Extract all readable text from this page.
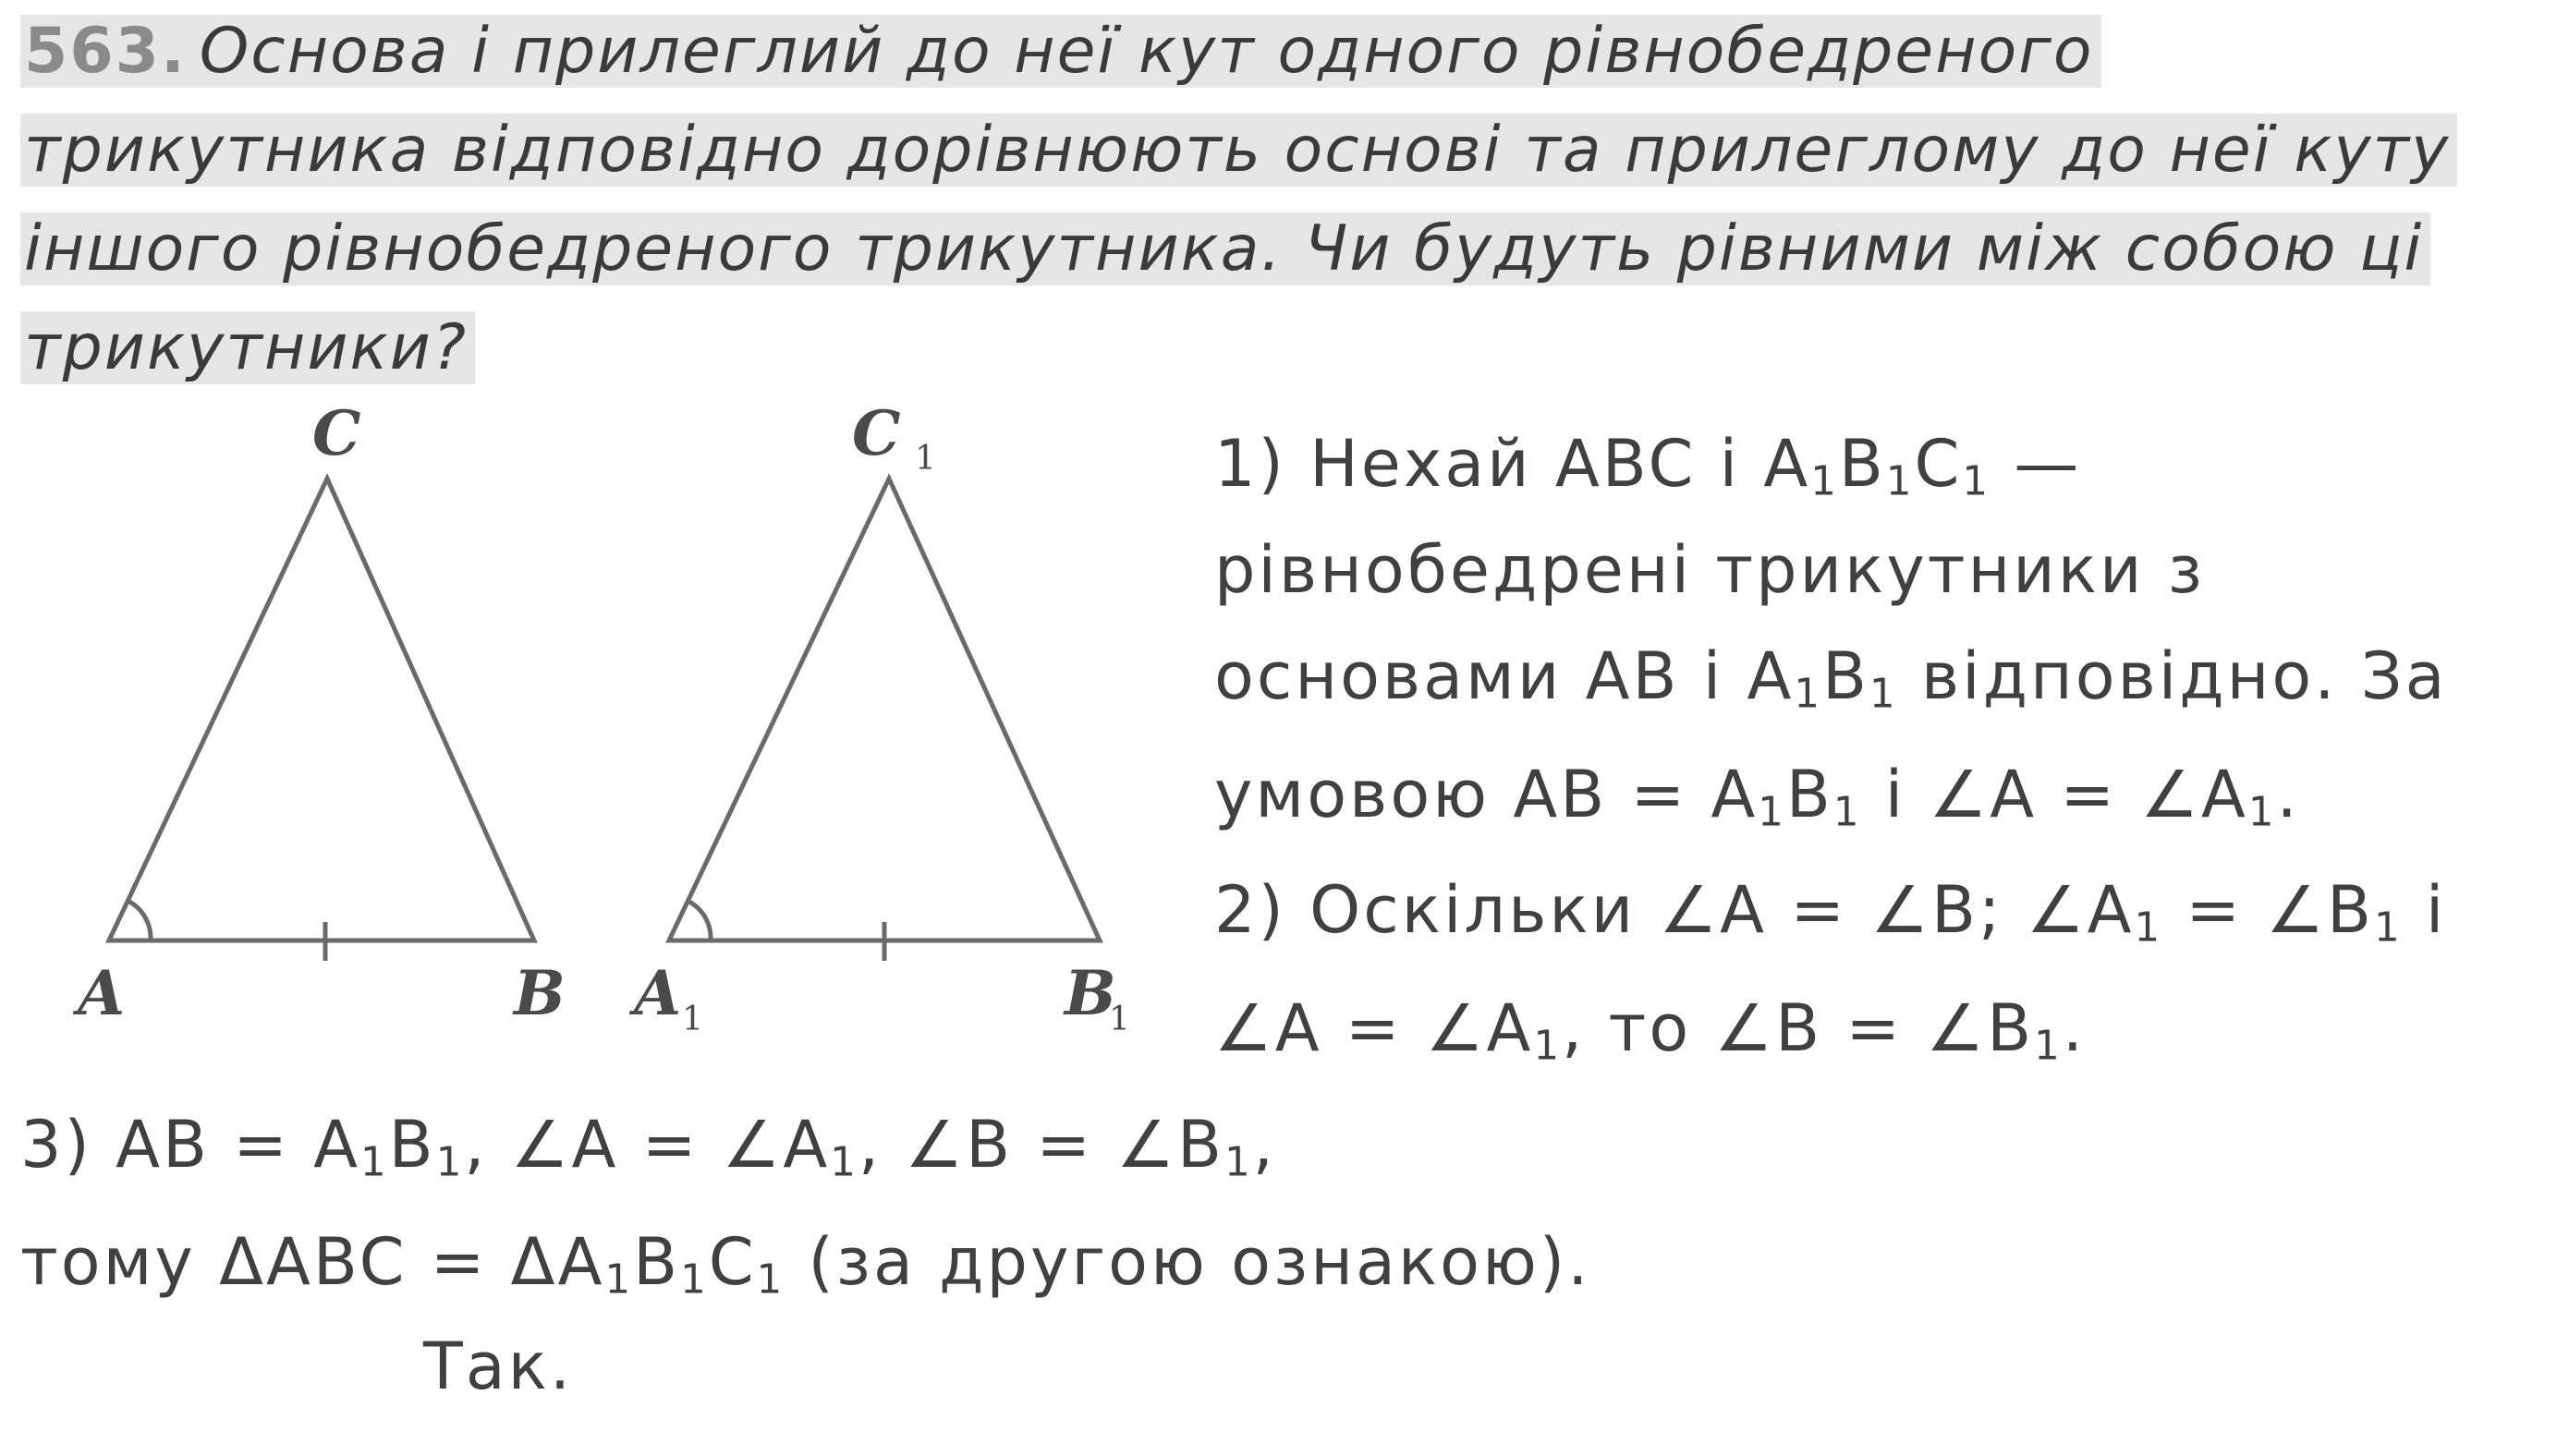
563. Основа і прилеглий до неї кут одного рівнобедреного
трикутника відповідно дорівнюють основі та прилеглому до неї куту
іншого рівнобедреного трикутника. Чи будуть рівними між собою ці
трикутники?
C
A	B
C 1
A 1	B
1
1) Нехай ABC і $A_1B_1C_1$ —
рівнобедрені трикутники з
основами AB і $A_1B_1$ відповідно. За
умовою AB = $A_1B_1$ і ∠A = $\angle A_1$.
2) Оскільки ∠A = ∠B; $\angle A_1$ = $\angle B_1$ і
∠A = $\angle A_1$, то ∠B = $\angle B_1$.
3) AB = $A_1B_1$, ∠A = $\angle A_1$, ∠B = $\angle B_1$,
тому $\Delta ABC = \Delta A_1B_1C_1$ (за другою ознакою).
Так.
